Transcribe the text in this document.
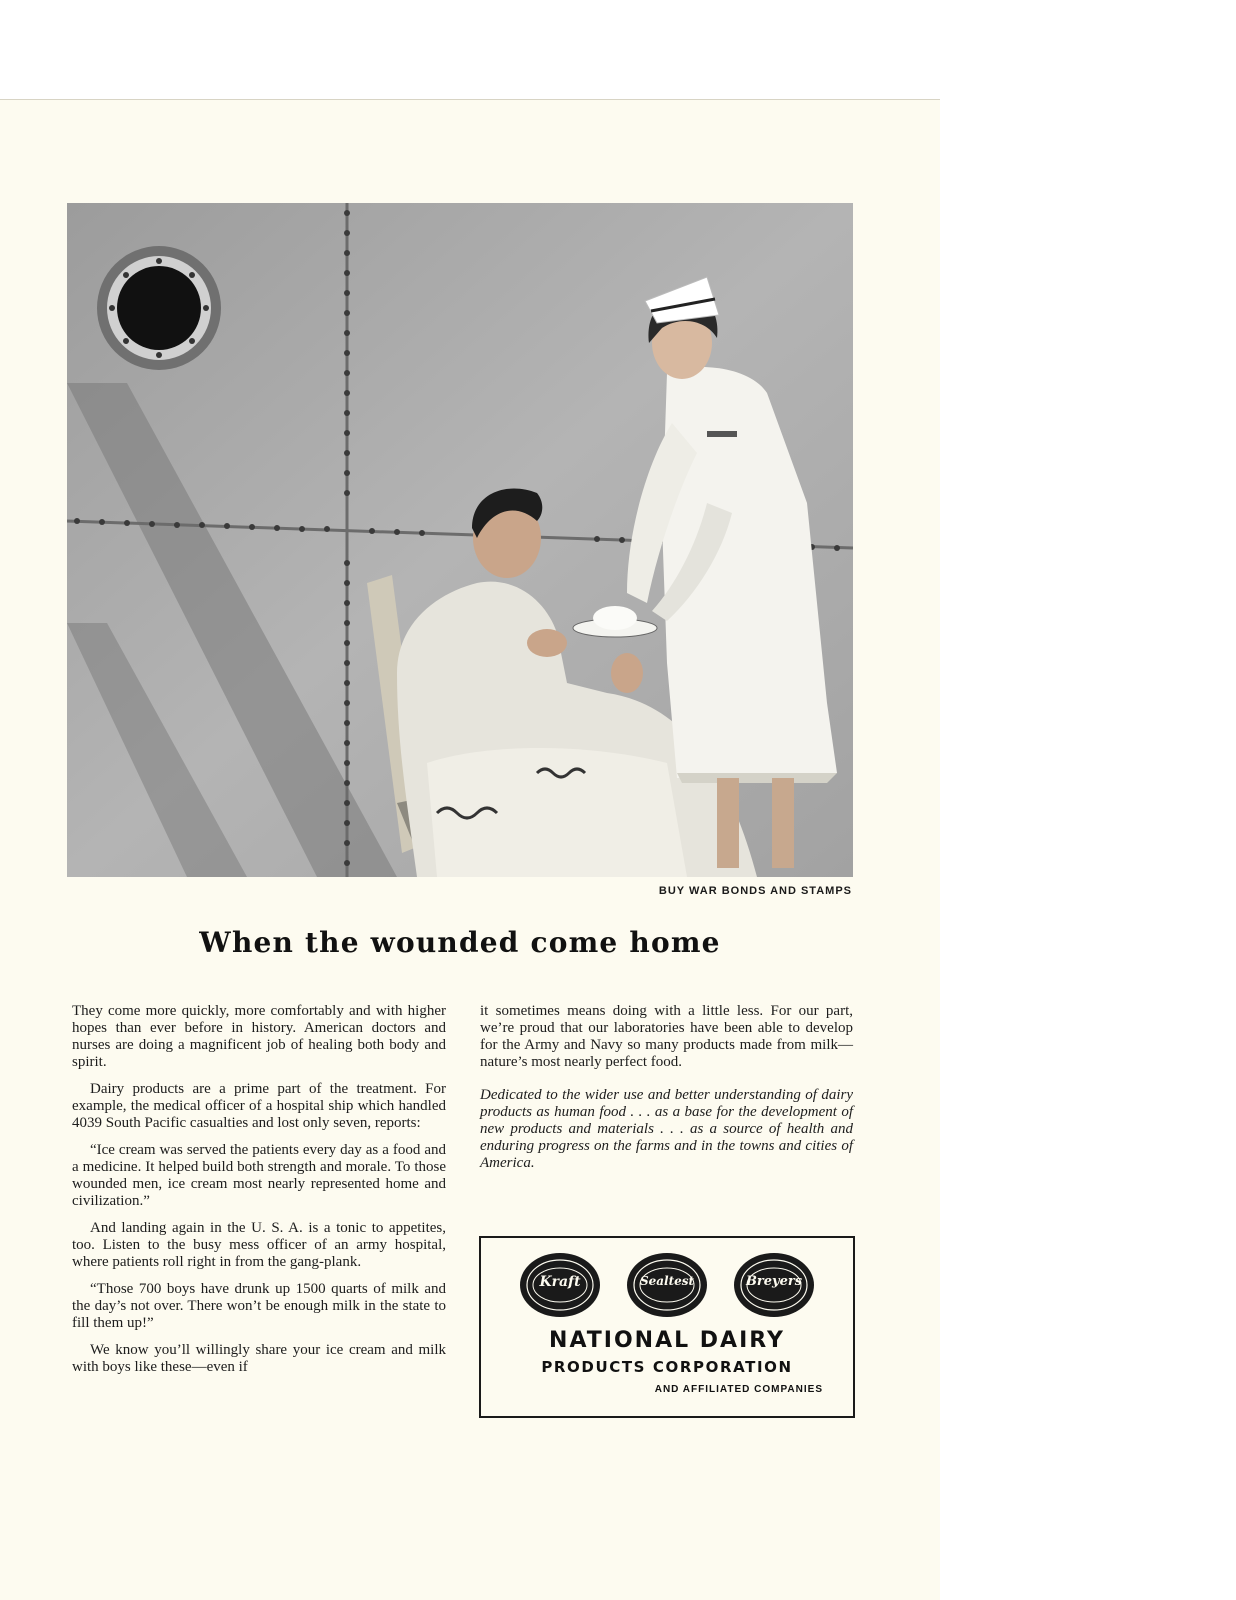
BUY WAR BONDS AND STAMPS
When the wounded come home

They come more quickly, more comfortably and with higher hopes than ever before in history. American doctors and nurses are doing a magnificent job of healing both body and spirit.

Dairy products are a prime part of the treatment. For example, the medical officer of a hospital ship which handled 4039 South Pacific casualties and lost only seven, reports:

“Ice cream was served the patients every day as a food and a medicine. It helped build both strength and morale. To those wounded men, ice cream most nearly represented home and civilization.”

And landing again in the U. S. A. is a tonic to appetites, too. Listen to the busy mess officer of an army hospital, where patients roll right in from the gang-plank.

“Those 700 boys have drunk up 1500 quarts of milk and the day’s not over. There won’t be enough milk in the state to fill them up!”

We know you’ll willingly share your ice cream and milk with boys like these—even if

it sometimes means doing with a little less. For our part, we’re proud that our laboratories have been able to develop for the Army and Navy so many products made from milk—nature’s most nearly perfect food.

Dedicated to the wider use and better understanding of dairy products as human food . . . as a base for the development of new products and materials . . . as a source of health and enduring progress on the farms and in the towns and cities of America.

Kraft	Sealtest	Breyers
NATIONAL DAIRY
PRODUCTS CORPORATION
AND AFFILIATED COMPANIES
